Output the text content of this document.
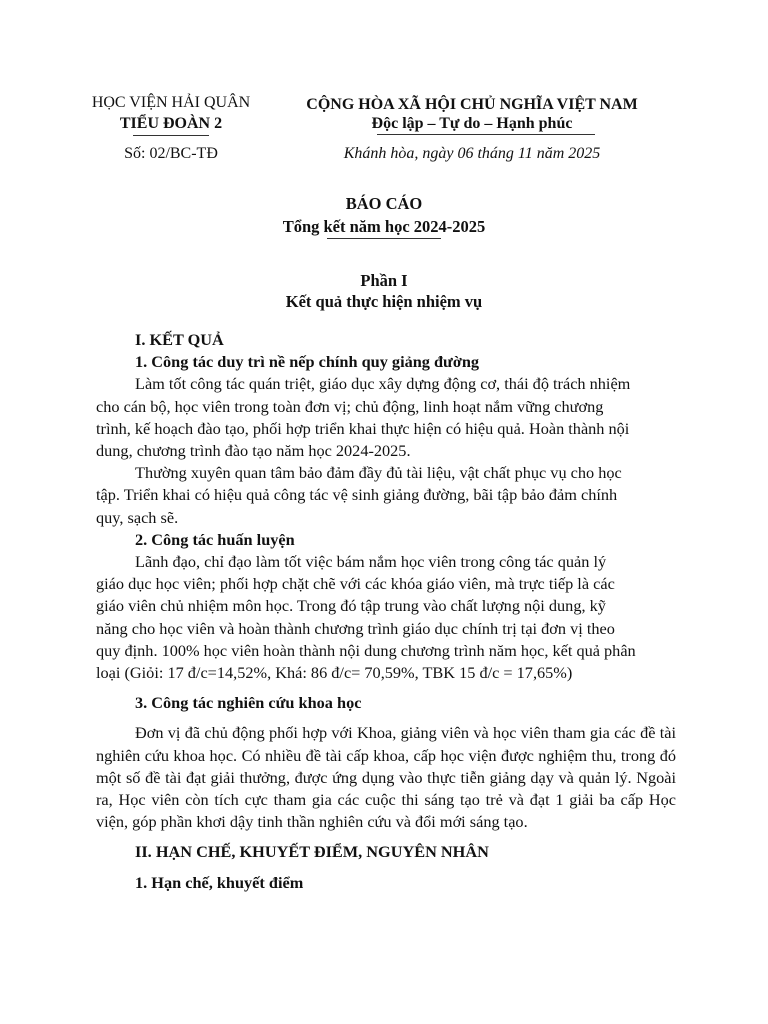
HỌC VIỆN HẢI QUÂN
TIỂU ĐOÀN 2
Số: 02/BC-TĐ
CỘNG HÒA XÃ HỘI CHỦ NGHĨA VIỆT NAM
Độc lập – Tự do – Hạnh phúc
Khánh hòa, ngày 06 tháng 11 năm 2025
BÁO CÁO
Tổng kết năm học 2024-2025
Phần I
Kết quả thực hiện nhiệm vụ

I. KẾT QUẢ

1. Công tác duy trì nề nếp chính quy giảng đường

Làm tốt công tác quán triệt, giáo dục xây dựng động cơ, thái độ trách nhiệm
cho cán bộ, học viên trong toàn đơn vị; chủ động, linh hoạt nắm vững chương
trình, kế hoạch đào tạo, phối hợp triển khai thực hiện có hiệu quả. Hoàn thành nội
dung, chương trình đào tạo năm học 2024-2025.
Thường xuyên quan tâm bảo đảm đầy đủ tài liệu, vật chất phục vụ cho học
tập. Triển khai có hiệu quả công tác vệ sinh giảng đường, bãi tập bảo đảm chính
quy, sạch sẽ.

2. Công tác huấn luyện

Lãnh đạo, chỉ đạo làm tốt việc bám nắm học viên trong công tác quản lý
giáo dục học viên; phối hợp chặt chẽ với các khóa giáo viên, mà trực tiếp là các
giáo viên chủ nhiệm môn học. Trong đó tập trung vào chất lượng nội dung, kỹ
năng cho học viên và hoàn thành chương trình giáo dục chính trị tại đơn vị theo
quy định. 100% học viên hoàn thành nội dung chương trình năm học, kết quả phân
loại (Giỏi: 17 đ/c=14,52%, Khá: 86 đ/c= 70,59%, TBK 15 đ/c = 17,65%)

3. Công tác nghiên cứu khoa học

Đơn vị đã chủ động phối hợp với Khoa, giảng viên và học viên tham gia các đề tài nghiên cứu khoa học. Có nhiều đề tài cấp khoa, cấp học viện được nghiệm thu, trong đó một số đề tài đạt giải thưởng, được ứng dụng vào thực tiễn giảng dạy và quản lý. Ngoài ra, Học viên còn tích cực tham gia các cuộc thi sáng tạo trẻ và đạt 1 giải ba cấp Học viện, góp phần khơi dậy tinh thần nghiên cứu và đổi mới sáng tạo.

II. HẠN CHẾ, KHUYẾT ĐIỂM, NGUYÊN NHÂN

1. Hạn chế, khuyết điểm
